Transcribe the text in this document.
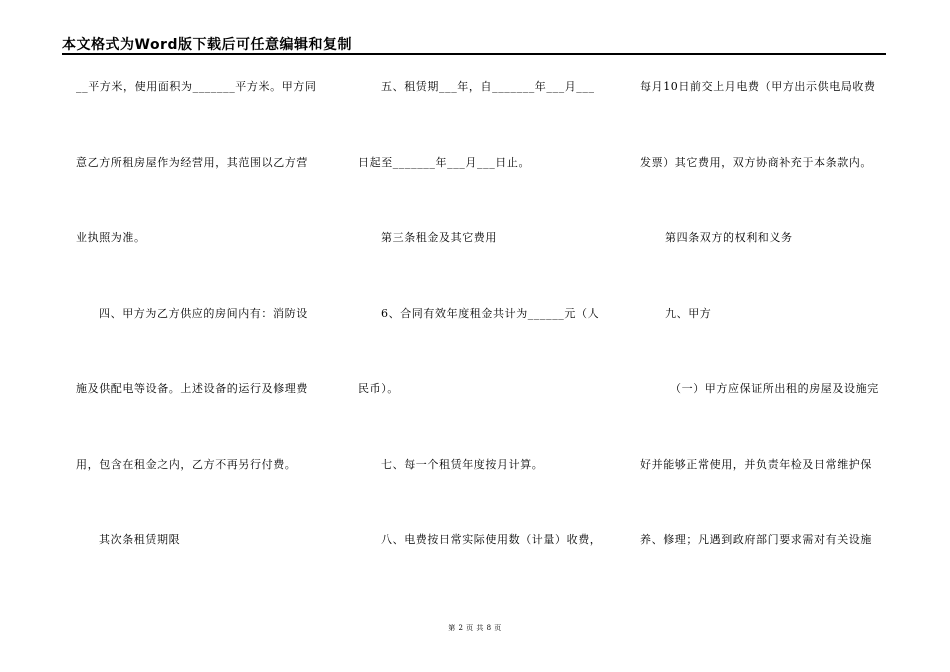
本文格式为Word版下载后可任意编辑和复制
__平方米，使用面积为_______平方米。甲方同
意乙方所租房屋作为经营用，其范围以乙方营
业执照为准。
四、甲方为乙方供应的房间内有：消防设
施及供配电等设备。上述设备的运行及修理费
用，包含在租金之内，乙方不再另行付费。
其次条租赁期限
五、租赁期___年，自_______年___月___
日起至_______年___月___日止。
第三条租金及其它费用
6、合同有效年度租金共计为______元（人
民币）。
七、每一个租赁年度按月计算。
八、电费按日常实际使用数（计量）收费，
每月10日前交上月电费（甲方出示供电局收费
发票）其它费用，双方协商补充于本条款内。
第四条双方的权利和义务
九、甲方
（一）甲方应保证所出租的房屋及设施完
好并能够正常使用，并负责年检及日常维护保
养、修理；凡遇到政府部门要求需对有关设施
第 2 页 共 8 页
